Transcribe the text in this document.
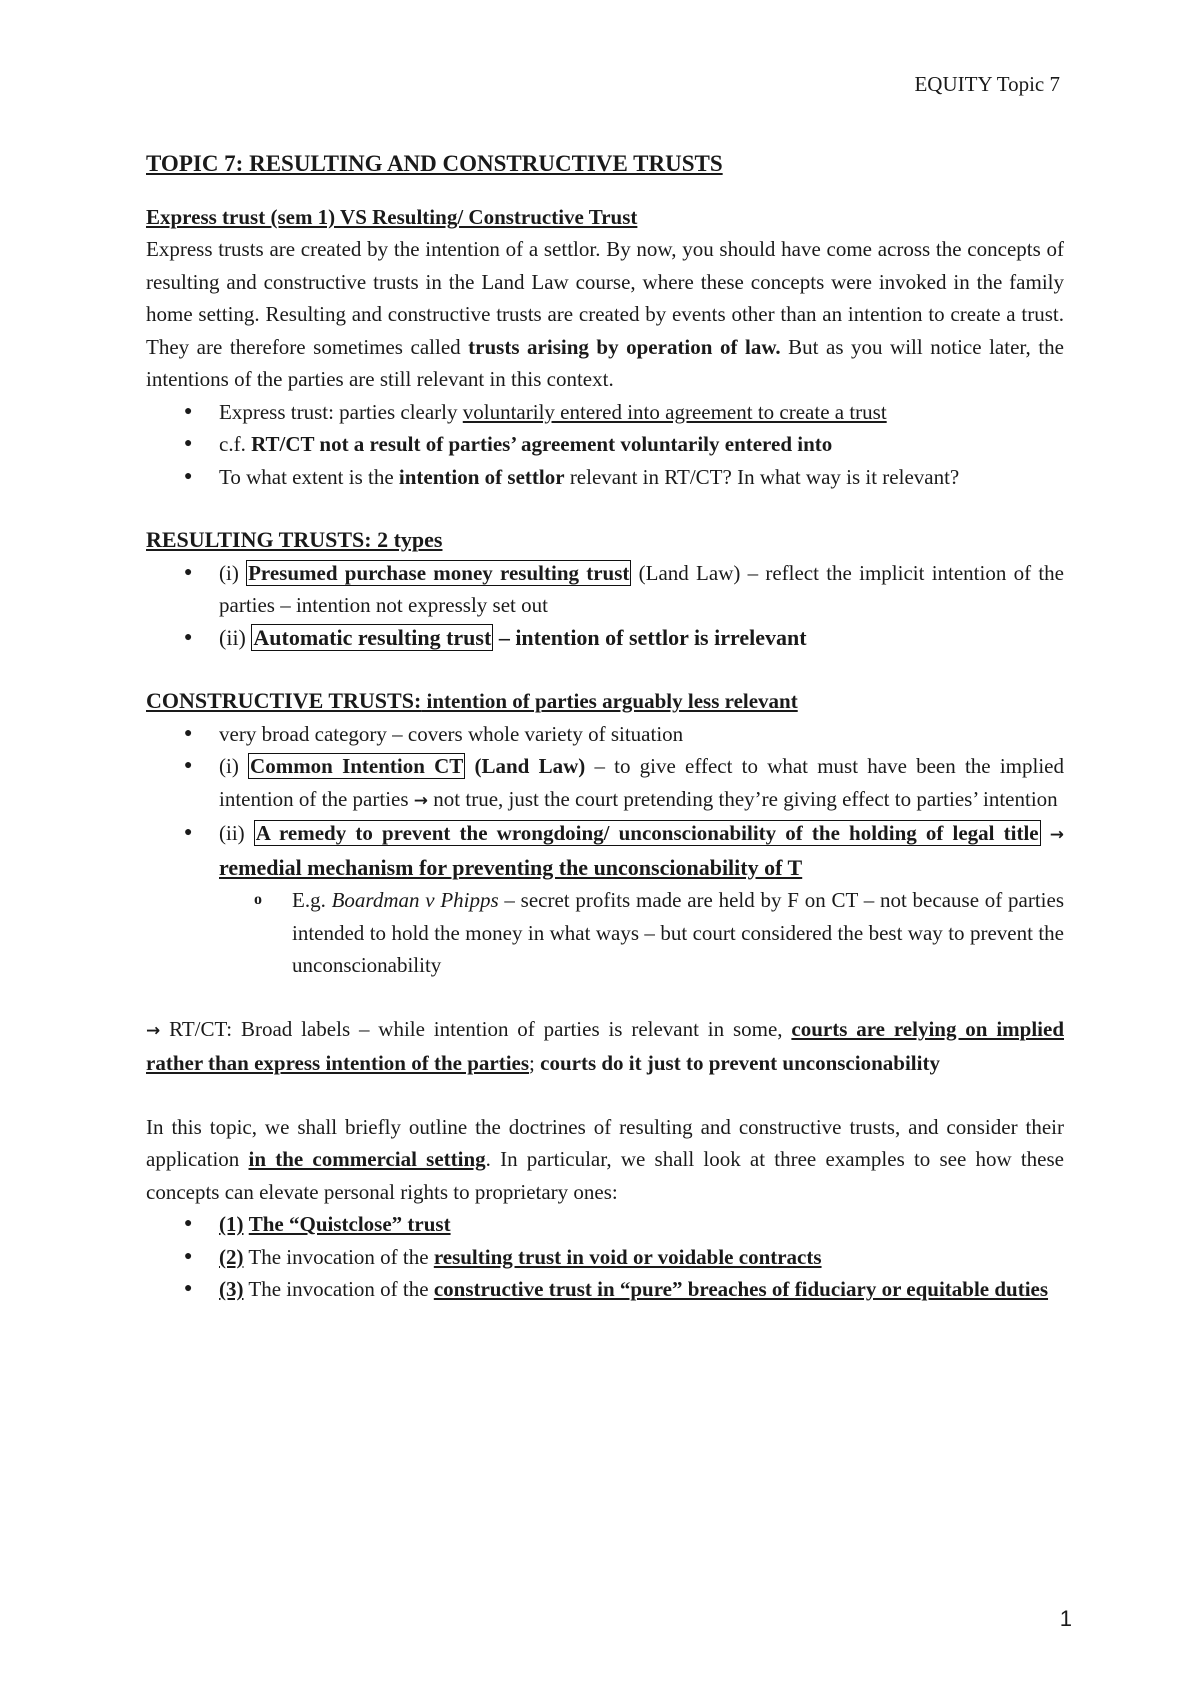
EQUITY Topic 7

TOPIC 7: RESULTING AND CONSTRUCTIVE TRUSTS

Express trust (sem 1) VS Resulting/ Constructive Trust

Express trusts are created by the intention of a settlor. By now, you should have come across the concepts of resulting and constructive trusts in the Land Law course, where these concepts were invoked in the family home setting. Resulting and constructive trusts are created by events other than an intention to create a trust. They are therefore sometimes called trusts arising by operation of law. But as you will notice later, the intentions of the parties are still relevant in this context.

● Express trust: parties clearly voluntarily entered into agreement to create a trust
● c.f. RT/CT not a result of parties’ agreement voluntarily entered into
● To what extent is the intention of settlor relevant in RT/CT? In what way is it relevant?

RESULTING TRUSTS: 2 types

● (i) Presumed purchase money resulting trust (Land Law) – reflect the implicit intention of the parties – intention not expressly set out
● (ii) Automatic resulting trust – intention of settlor is irrelevant

CONSTRUCTIVE TRUSTS: intention of parties arguably less relevant

● very broad category – covers whole variety of situation
● (i) Common Intention CT (Land Law) – to give effect to what must have been the implied intention of the parties → not true, just the court pretending they’re giving effect to parties’ intention
● (ii) A remedy to prevent the wrongdoing/ unconscionability of the holding of legal title → remedial mechanism for preventing the unconscionability of T
o E.g. Boardman v Phipps – secret profits made are held by F on CT – not because of parties intended to hold the money in what ways – but court considered the best way to prevent the unconscionability

→ RT/CT: Broad labels – while intention of parties is relevant in some, courts are relying on implied rather than express intention of the parties; courts do it just to prevent unconscionability

In this topic, we shall briefly outline the doctrines of resulting and constructive trusts, and consider their application in the commercial setting. In particular, we shall look at three examples to see how these concepts can elevate personal rights to proprietary ones:

● (1) The “Quistclose” trust
● (2) The invocation of the resulting trust in void or voidable contracts
● (3) The invocation of the constructive trust in “pure” breaches of fiduciary or equitable duties
1
